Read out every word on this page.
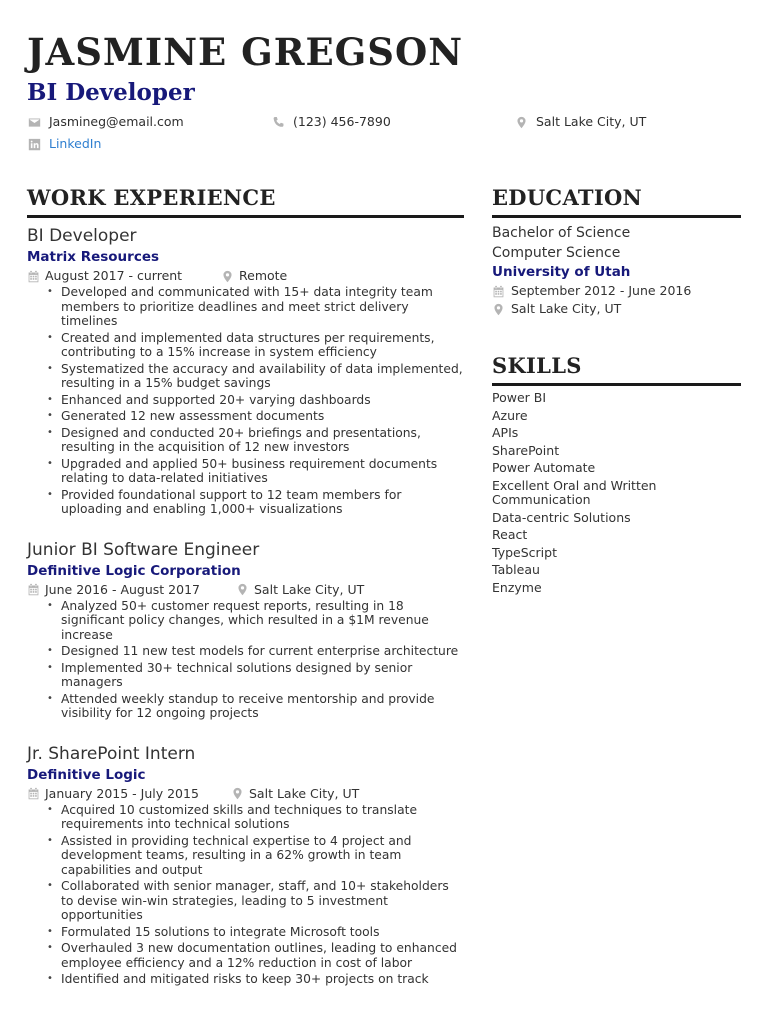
JASMINE GREGSON
BI Developer
Jasmineg@email.com	(123) 456-7890	Salt Lake City, UT
LinkedIn
WORK EXPERIENCE
BI Developer
Matrix Resources
August 2017 - current	Remote
• Developed and communicated with 15+ data integrity team members to prioritize deadlines and meet strict delivery timelines
• Created and implemented data structures per requirements, contributing to a 15% increase in system efficiency
• Systematized the accuracy and availability of data implemented, resulting in a 15% budget savings
• Enhanced and supported 20+ varying dashboards
• Generated 12 new assessment documents
• Designed and conducted 20+ briefings and presentations, resulting in the acquisition of 12 new investors
• Upgraded and applied 50+ business requirement documents relating to data-related initiatives
• Provided foundational support to 12 team members for uploading and enabling 1,000+ visualizations
Junior BI Software Engineer
Definitive Logic Corporation
June 2016 - August 2017	Salt Lake City, UT
• Analyzed 50+ customer request reports, resulting in 18 significant policy changes, which resulted in a $1M revenue increase
• Designed 11 new test models for current enterprise architecture
• Implemented 30+ technical solutions designed by senior managers
• Attended weekly standup to receive mentorship and provide visibility for 12 ongoing projects
Jr. SharePoint Intern
Definitive Logic
January 2015 - July 2015	Salt Lake City, UT
• Acquired 10 customized skills and techniques to translate requirements into technical solutions
• Assisted in providing technical expertise to 4 project and development teams, resulting in a 62% growth in team capabilities and output
• Collaborated with senior manager, staff, and 10+ stakeholders to devise win-win strategies, leading to 5 investment opportunities
• Formulated 15 solutions to integrate Microsoft tools
• Overhauled 3 new documentation outlines, leading to enhanced employee efficiency and a 12% reduction in cost of labor
• Identified and mitigated risks to keep 30+ projects on track
EDUCATION
Bachelor of Science
Computer Science
University of Utah
September 2012 - June 2016
Salt Lake City, UT
SKILLS
Power BI
Azure
APIs
SharePoint
Power Automate
Excellent Oral and Written Communication
Data-centric Solutions
React
TypeScript
Tableau
Enzyme
